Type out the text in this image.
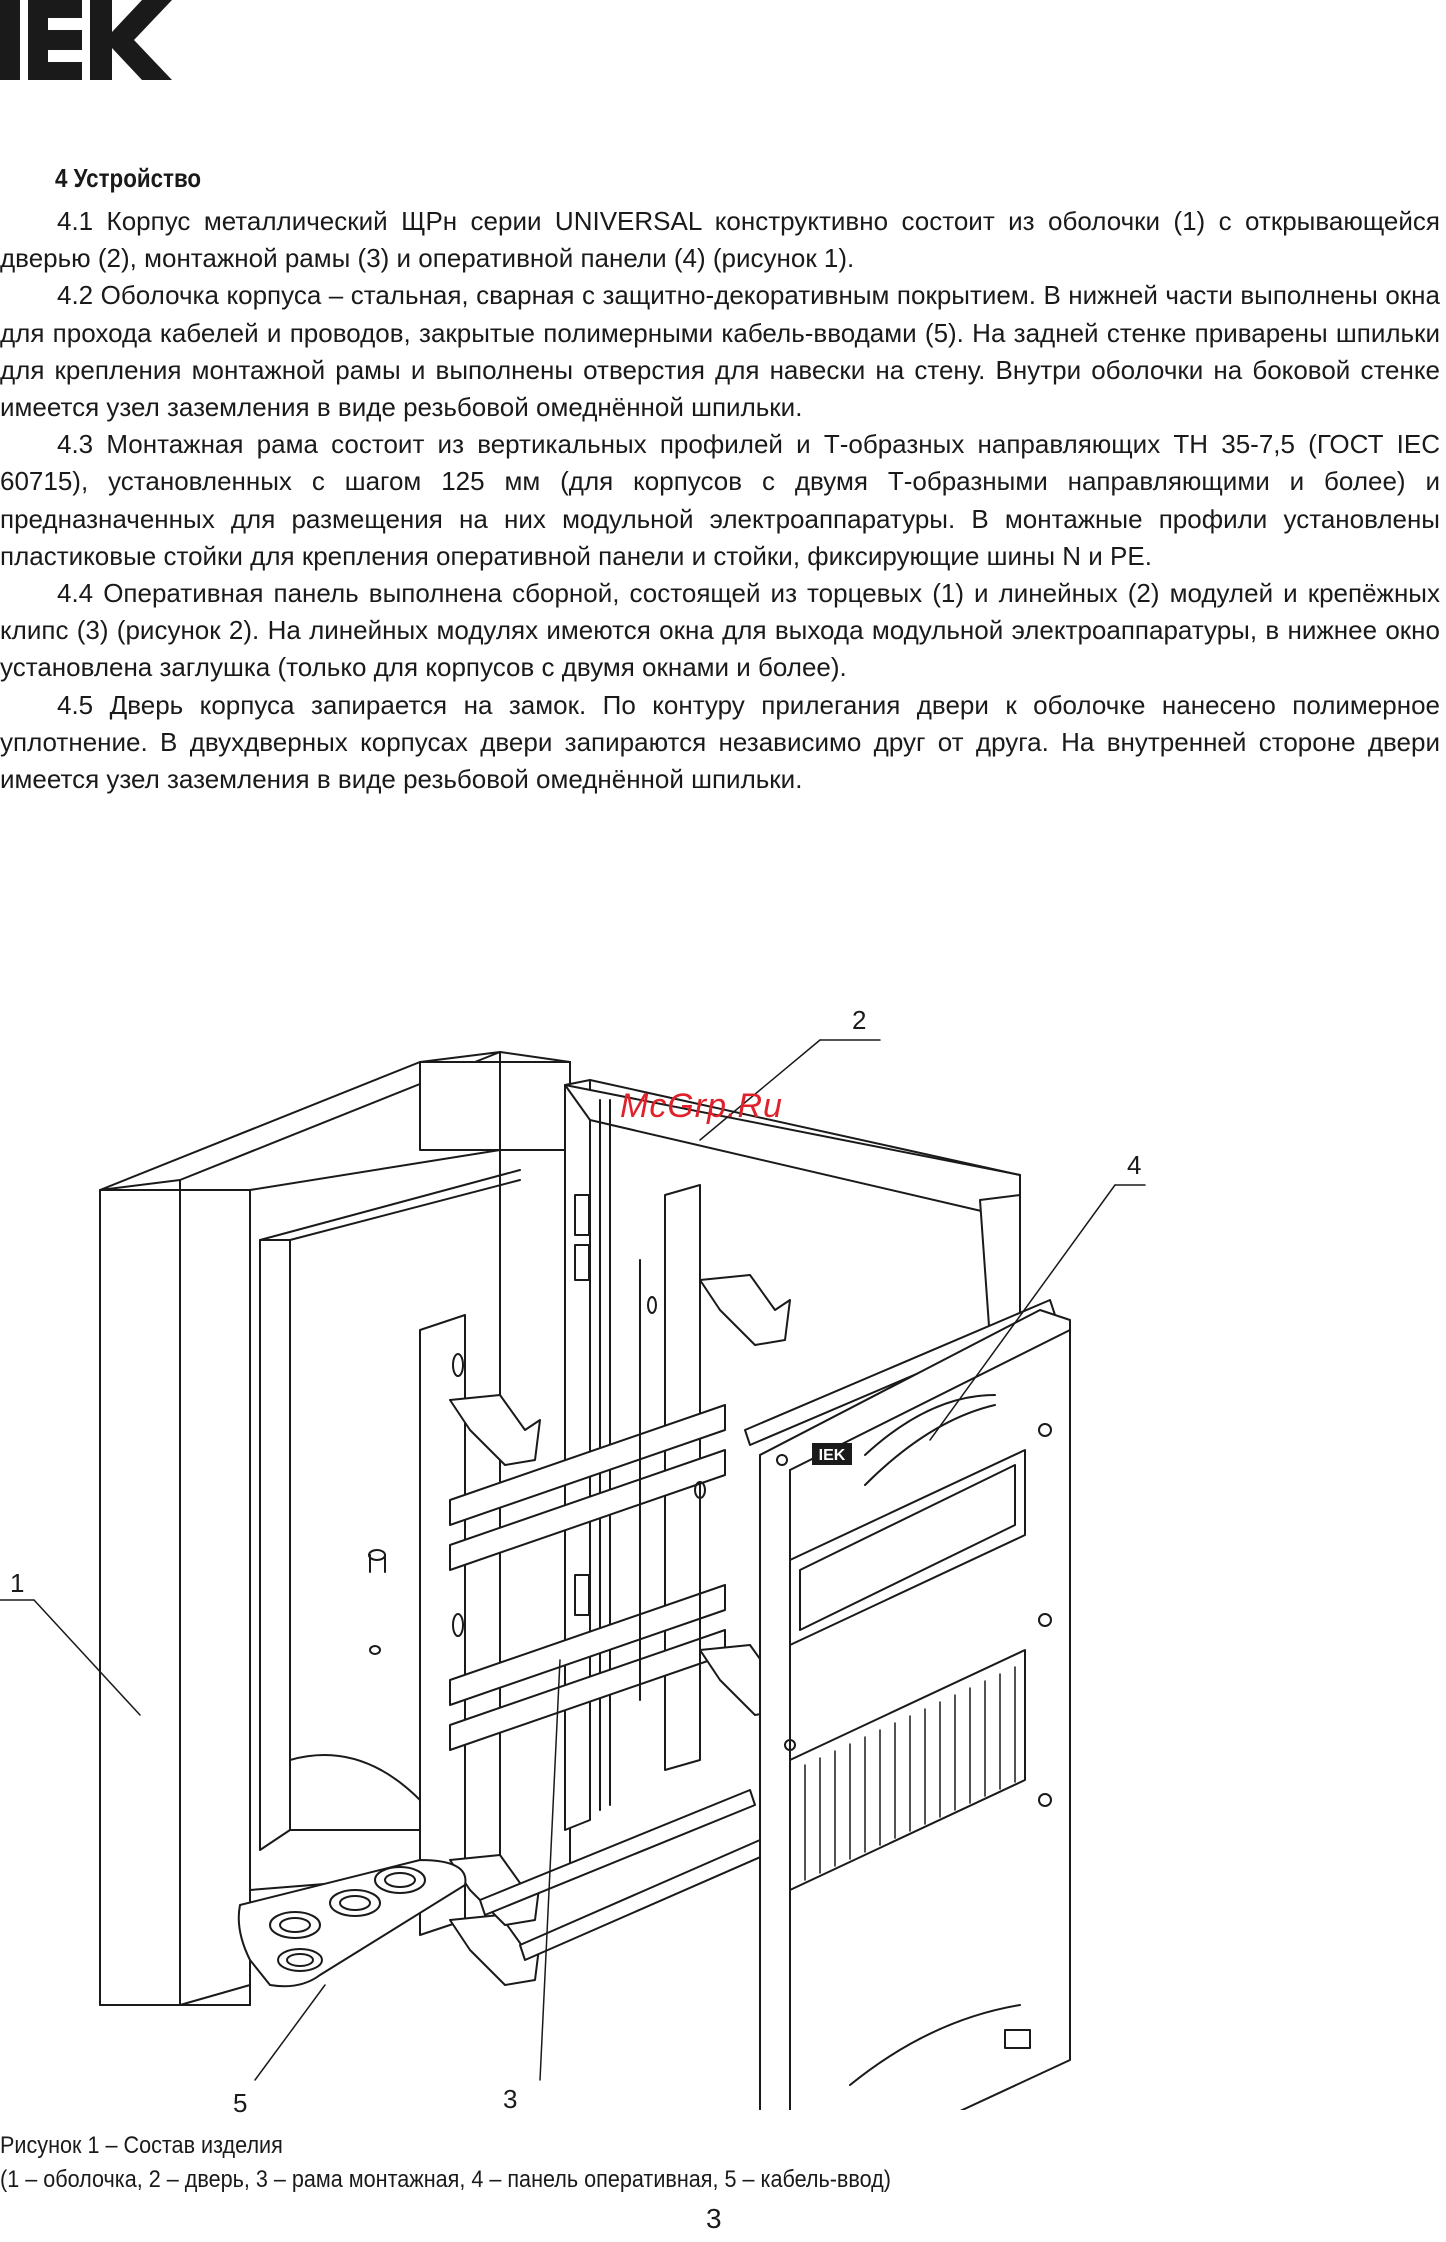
4 Устройство

4.1 Корпус металлический ЩРн серии UNIVERSAL конструктивно состоит из оболочки (1) с открывающейся дверью (2), монтажной рамы (3) и оперативной панели (4) (рисунок 1).

4.2 Оболочка корпуса – стальная, сварная с защитно-декоративным покрытием. В нижней части выполнены окна для прохода кабелей и проводов, закрытые полимерными кабель-вводами (5). На задней стенке приварены шпильки для крепления монтажной рамы и выполнены отверстия для навески на стену. Внутри оболочки на боковой стенке имеется узел заземления в виде резьбовой омеднённой шпильки.

4.3 Монтажная рама состоит из вертикальных профилей и Т-образных направляющих ТН 35-7,5 (ГОСТ IEC 60715), установленных с шагом 125 мм (для корпусов с двумя Т-образными направляющими и более) и предназначенных для размещения на них модульной электроаппаратуры. В монтажные профили установлены пластиковые стойки для крепления оперативной панели и стойки, фиксирующие шины N и PE.

4.4 Оперативная панель выполнена сборной, состоящей из торцевых (1) и линейных (2) модулей и крепёжных клипс (3) (рисунок 2). На линейных модулях имеются окна для выхода модульной электроаппаратуры, в нижнее окно установлена заглушка (только для корпусов с двумя окнами и более).

4.5 Дверь корпуса запирается на замок. По контуру прилегания двери к оболочке нанесено полимерное уплотнение. В двухдверных корпусах двери запираются независимо друг от друга. На внутренней стороне двери имеется узел заземления в виде резьбовой омеднённой шпильки.

IEK
1
2
4
3
5
McGrp.Ru
Рисунок 1 – Состав изделия
(1 – оболочка, 2 – дверь, 3 – рама монтажная, 4 – панель оперативная, 5 – кабель-ввод)
3
